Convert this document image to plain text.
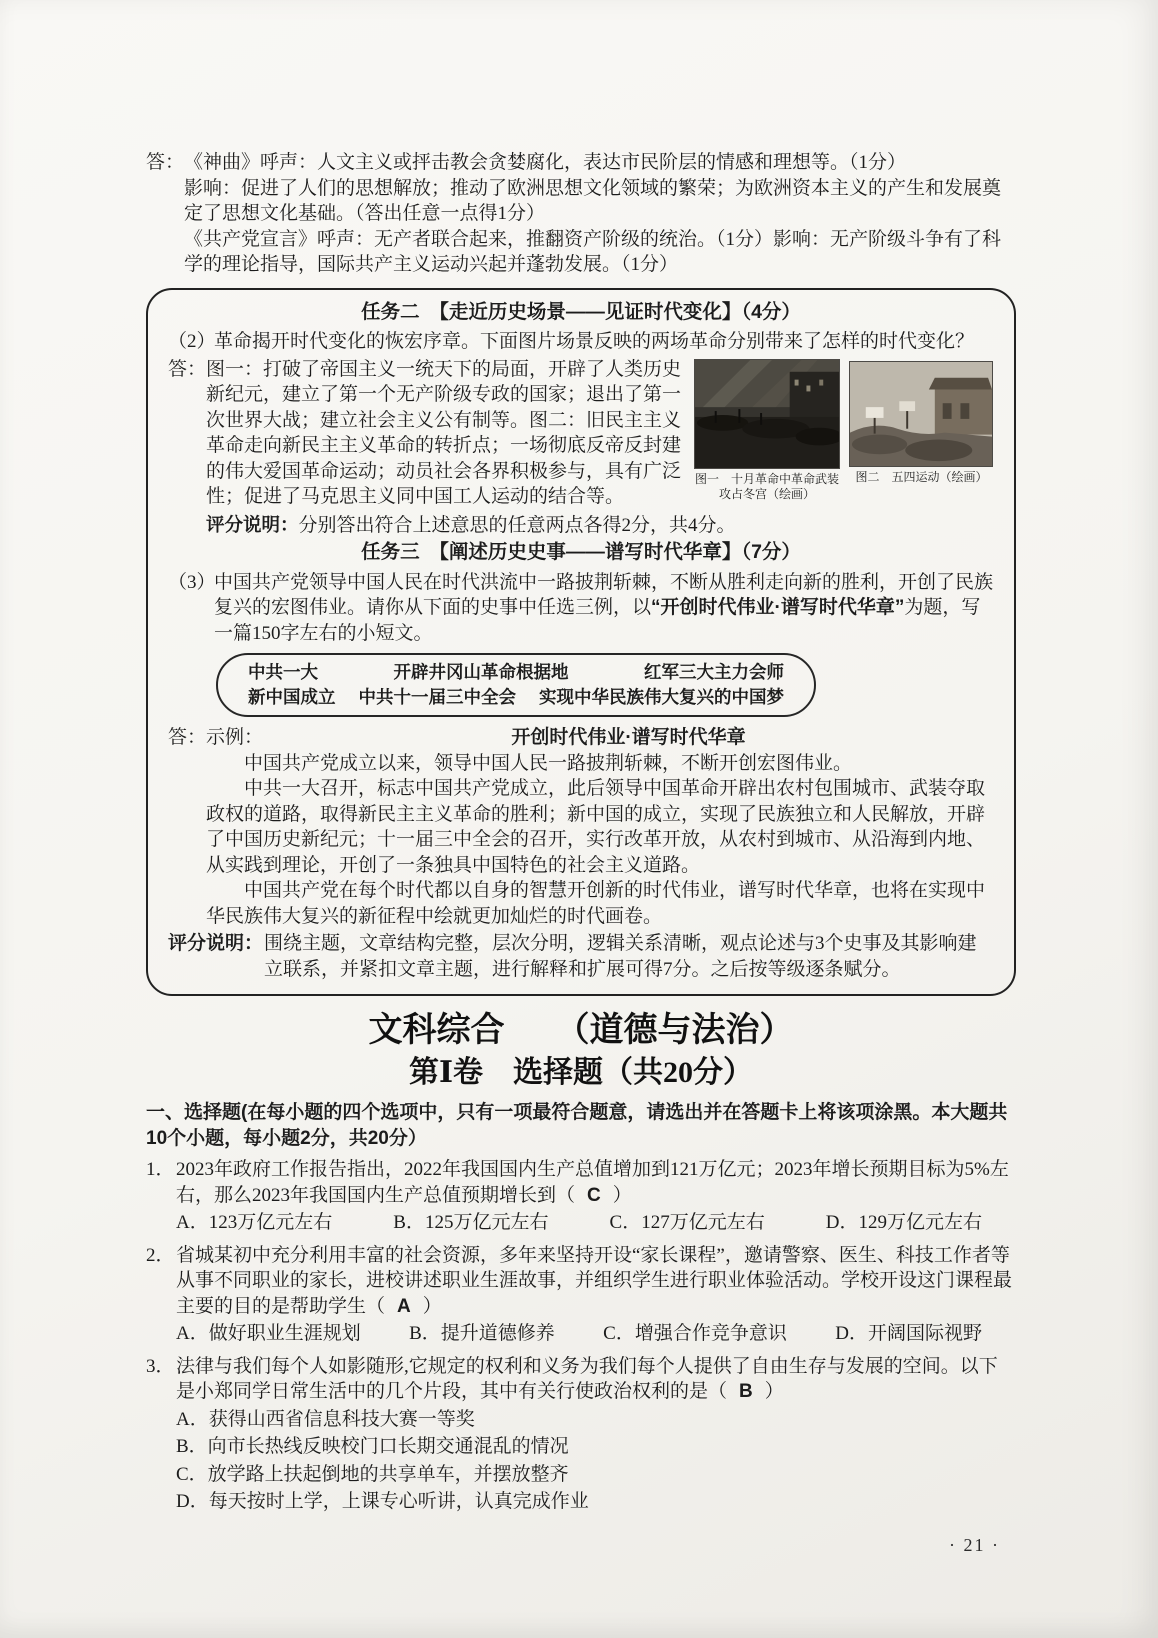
答： 《神曲》呼声：人文主义或抨击教会贪婪腐化，表达市民阶层的情感和理想等。（1分）

影响：促进了人们的思想解放；推动了欧洲思想文化领域的繁荣；为欧洲资本主义的产生和发展奠定了思想文化基础。（答出任意一点得1分）

《共产党宣言》呼声：无产者联合起来，推翻资产阶级的统治。（1分）影响：无产阶级斗争有了科学的理论指导，国际共产主义运动兴起并蓬勃发展。（1分）

任务二　【走近历史场景——见证时代变化】（4分）
（2）
革命揭开时代变化的恢宏序章。下面图片场景反映的两场革命分别带来了怎样的时代变化？
答：
图一　十月革命中革命武装攻占冬宫（绘画）
图二　五四运动（绘画）
图一：打破了帝国主义一统天下的局面，开辟了人类历史新纪元，建立了第一个无产阶级专政的国家；退出了第一次世界大战；建立社会主义公有制等。图二：旧民主主义革命走向新民主主义革命的转折点；一场彻底反帝反封建的伟大爱国革命运动；动员社会各界积极参与，具有广泛性；促进了马克思主义同中国工人运动的结合等。
评分说明：分别答出符合上述意思的任意两点各得2分，共4分。
任务三　【阐述历史史事——谱写时代华章】（7分）
（3）
中国共产党领导中国人民在时代洪流中一路披荆斩棘，不断从胜利走向新的胜利，开创了民族复兴的宏图伟业。请你从下面的史事中任选三例，以“开创时代伟业·谱写时代华章”为题，写一篇150字左右的小短文。
中共一大	开辟井冈山革命根据地	红军三大主力会师
新中国成立 中共十一届三中全会 实现中华民族伟大复兴的中国梦
答：示例：	开创时代伟业·谱写时代华章

中国共产党成立以来，领导中国人民一路披荆斩棘，不断开创宏图伟业。

中共一大召开，标志中国共产党成立，此后领导中国革命开辟出农村包围城市、武装夺取政权的道路，取得新民主主义革命的胜利；新中国的成立，实现了民族独立和人民解放，开辟了中国历史新纪元；十一届三中全会的召开，实行改革开放，从农村到城市、从沿海到内地、从实践到理论，开创了一条独具中国特色的社会主义道路。

中国共产党在每个时代都以自身的智慧开创新的时代伟业，谱写时代华章，也将在实现中华民族伟大复兴的新征程中绘就更加灿烂的时代画卷。

评分说明： 围绕主题，文章结构完整，层次分明，逻辑关系清晰，观点论述与3个史事及其影响建立联系，并紧扣文章主题，进行解释和扩展可得7分。之后按等级逐条赋分。
文科综合　　（道德与法治）
第Ⅰ卷　选择题（共20分）

一、选择题(在每小题的四个选项中，只有一项最符合题意，请选出并在答题卡上将该项涂黑。本大题共10个小题，每小题2分，共20分）

1． 2023年政府工作报告指出，2022年我国国内生产总值增加到121万亿元；2023年增长预期目标为5%左右，那么2023年我国国内生产总值预期增长到（ C ）

A．123万亿元左右	B．125万亿元左右	C．127万亿元左右	D．129万亿元左右
2． 省城某初中充分利用丰富的社会资源，多年来坚持开设“家长课程”，邀请警察、医生、科技工作者等从事不同职业的家长，进校讲述职业生涯故事，并组织学生进行职业体验活动。学校开设这门课程最主要的目的是帮助学生（ A ）

A．做好职业生涯规划	B．提升道德修养	C．增强合作竞争意识	D．开阔国际视野
3． 法律与我们每个人如影随形,它规定的权利和义务为我们每个人提供了自由生存与发展的空间。以下是小郑同学日常生活中的几个片段，其中有关行使政治权利的是（ B ）

A．获得山西省信息科技大赛一等奖
B．向市长热线反映校门口长期交通混乱的情况
C．放学路上扶起倒地的共享单车，并摆放整齐
D．每天按时上学，上课专心听讲，认真完成作业
· 21 ·
